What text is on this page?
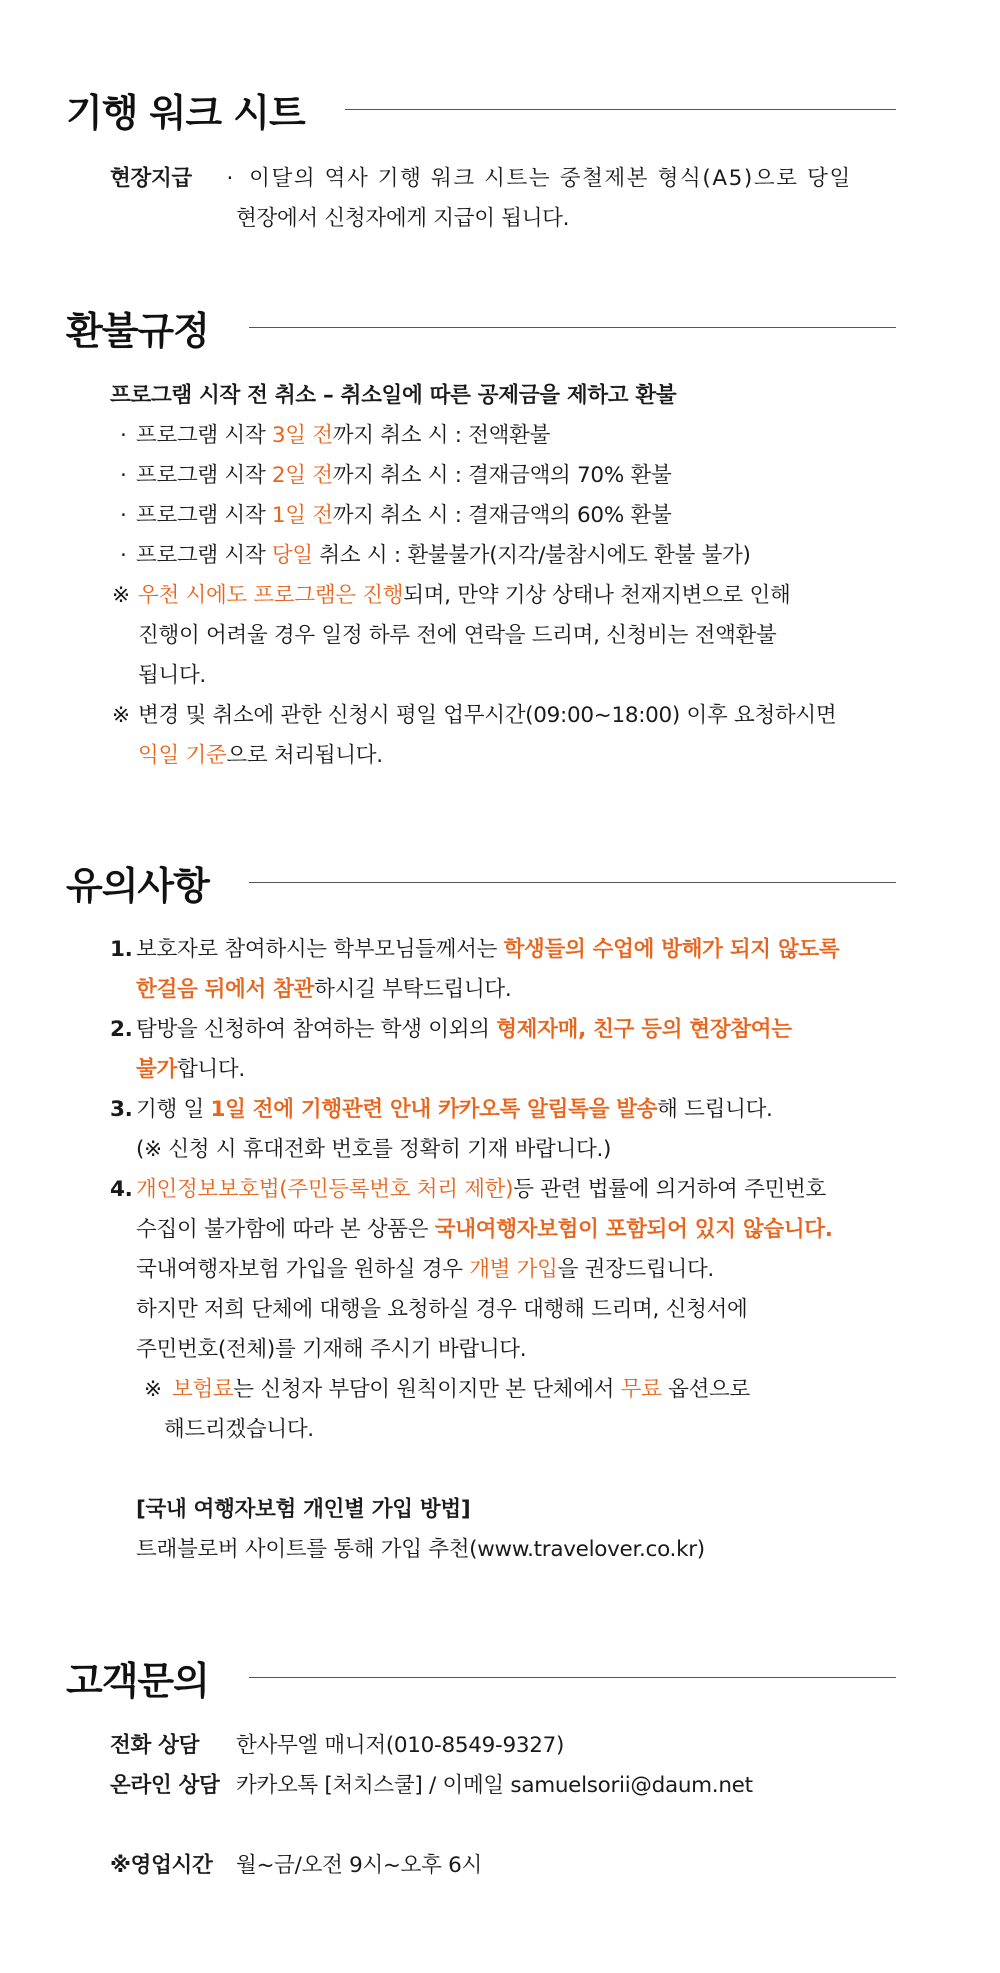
기행 워크 시트
현장지급 · 이달의 역사 기행 워크 시트는 중철제본 형식(A5)으로 당일
현장에서 신청자에게 지급이 됩니다.
환불규정
프로그램 시작 전 취소 – 취소일에 따른 공제금을 제하고 환불
· 프로그램 시작 3일 전까지 취소 시 : 전액환불
· 프로그램 시작 2일 전까지 취소 시 : 결재금액의 70% 환불
· 프로그램 시작 1일 전까지 취소 시 : 결재금액의 60% 환불
· 프로그램 시작 당일 취소 시 : 환불불가(지각/불참시에도 환불 불가)
※ 우천 시에도 프로그램은 진행되며, 만약 기상 상태나 천재지변으로 인해
진행이 어려울 경우 일정 하루 전에 연락을 드리며, 신청비는 전액환불
됩니다.
※ 변경 및 취소에 관한 신청시 평일 업무시간(09:00~18:00) 이후 요청하시면
익일 기준으로 처리됩니다.
유의사항
1. 보호자로 참여하시는 학부모님들께서는 학생들의 수업에 방해가 되지 않도록
한걸음 뒤에서 참관하시길 부탁드립니다.
2. 탐방을 신청하여 참여하는 학생 이외의 형제자매, 친구 등의 현장참여는
불가합니다.
3. 기행 일 1일 전에 기행관련 안내 카카오톡 알림톡을 발송해 드립니다.
(※ 신청 시 휴대전화 번호를 정확히 기재 바랍니다.)
4. 개인정보보호법(주민등록번호 처리 제한)등 관련 법률에 의거하여 주민번호
수집이 불가함에 따라 본 상품은 국내여행자보험이 포함되어 있지 않습니다.
국내여행자보험 가입을 원하실 경우 개별 가입을 권장드립니다.
하지만 저희 단체에 대행을 요청하실 경우 대행해 드리며, 신청서에
주민번호(전체)를 기재해 주시기 바랍니다.
※ 보험료는 신청자 부담이 원칙이지만 본 단체에서 무료 옵션으로
해드리겠습니다.
[국내 여행자보험 개인별 가입 방법]
트래블로버 사이트를 통해 가입 추천(www.travelover.co.kr)
고객문의
전화 상담 한사무엘 매니저(010-8549-9327)
온라인 상담 카카오톡 [처치스쿨] / 이메일 samuelsorii@daum.net
※영업시간 월~금/오전 9시~오후 6시
